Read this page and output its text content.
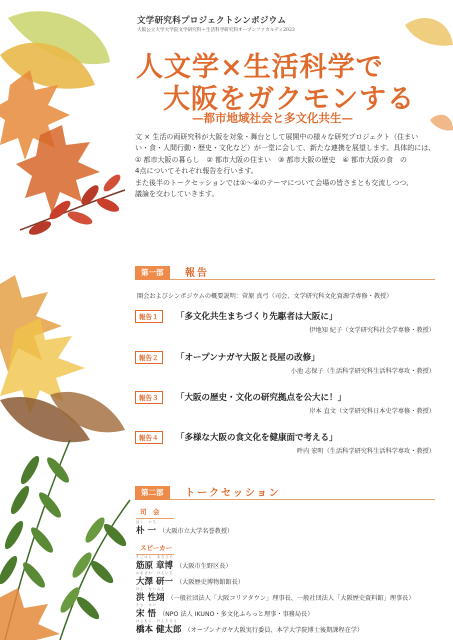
文学研究科プロジェクトシンポジウム
大阪公立大学大学院文学研究科＋生活科学研究科オープンファカルティ2023
人文学×生活科学で
大阪をガクモンする
—都市地域社会と多文化共生—

文 × 生活の両研究科が大阪を対象・舞台として展開中の様々な研究プロジェクト（住まい

い・食・人間行動・歴史・文化など）が一堂に会して、新たな連携を展望します。具体的には、

① 都市大阪の暮らし　② 都市大阪の住まい　③ 都市大阪の歴史　④ 都市大阪の食　の

4点についてそれぞれ報告を行います。

また後半のトークセッションでは①〜④のテーマについて会場の皆さまとも交流しつつ、

議論を交わしていきます。

第一部	報告
開会およびシンポジウムの概要説明：菅原 真弓（司会、文学研究科文化資源学専修・教授）
報告１	「多文化共生まちづくり先駆者は大阪に」
伊地知 紀子（文学研究科社会学専修・教授）
報告２	「オープンナガヤ大阪と長屋の改修」
小池 志保子（生活科学研究科生活科学専攻・教授）
報告３	「大阪の歴史・文化の研究拠点を公大に！」
岸本 直文（文学研究科日本史学専修・教授）
報告４	「多様な大阪の食文化を健康面で考える」
吽内 宏明（生活科学研究科生活科学専攻・教授）
第二部	トークセッション
司　会
ぼく　いち
朴 一 （大阪市立大学名誉教授）
スピーカー
すごはら　あきひろ
筋原 章博 （大阪市生野区長）
おおざわ　けんいち
大澤 研一 （大阪歴史博物館館長）
ほん　せいみん
洪 性翊 （一般社団法人「大阪コリアタウン」理事長、一般社団法人「大阪歴史資料館」理事長）
そう　せい
宋 悟 （NPO 法人 IKUNO・多文化ふらっと理事・事務局長）
はしもと　けんたろう
橋本 健太郎 （オープンナガヤ大阪実行委員、本学大学院博士後期課程在学）
